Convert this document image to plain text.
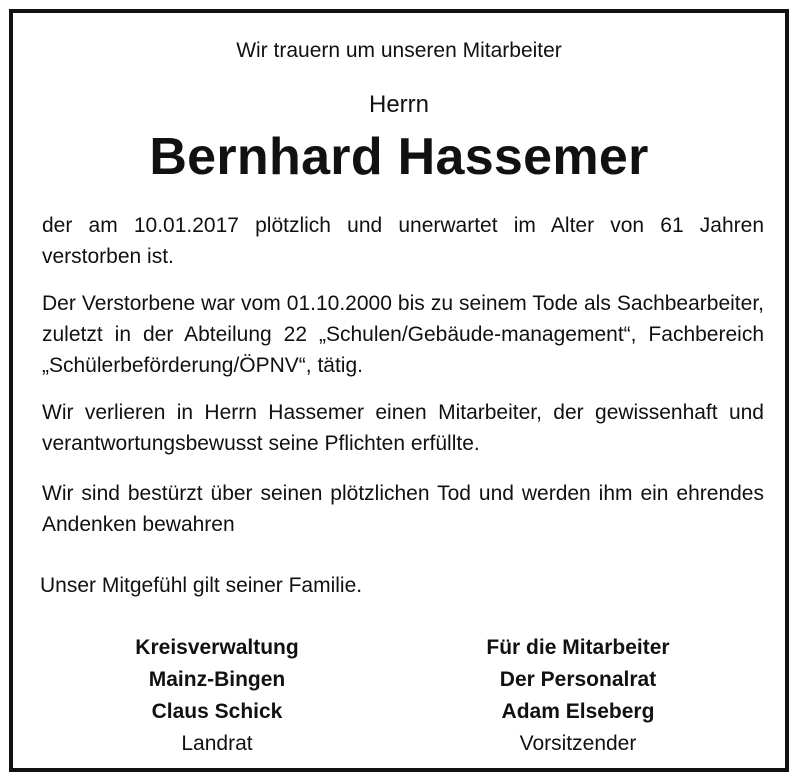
Wir trauern um unseren Mitarbeiter
Herrn
Bernhard Hassemer
der am 10.01.2017 plötzlich und unerwartet im Alter von 61 Jahren verstorben ist.
Der Verstorbene war vom 01.10.2000 bis zu seinem Tode als Sachbearbeiter, zuletzt in der Abteilung 22 „Schulen/Gebäude-management“, Fachbereich „Schülerbeförderung/ÖPNV“, tätig.
Wir verlieren in Herrn Hassemer einen Mitarbeiter, der gewissenhaft und verantwortungsbewusst seine Pflichten erfüllte.
Wir sind bestürzt über seinen plötzlichen Tod und werden ihm ein ehrendes Andenken bewahren
Unser Mitgefühl gilt seiner Familie.
Kreisverwaltung
Mainz-Bingen
Claus Schick
Landrat
Für die Mitarbeiter
Der Personalrat
Adam Elseberg
Vorsitzender
